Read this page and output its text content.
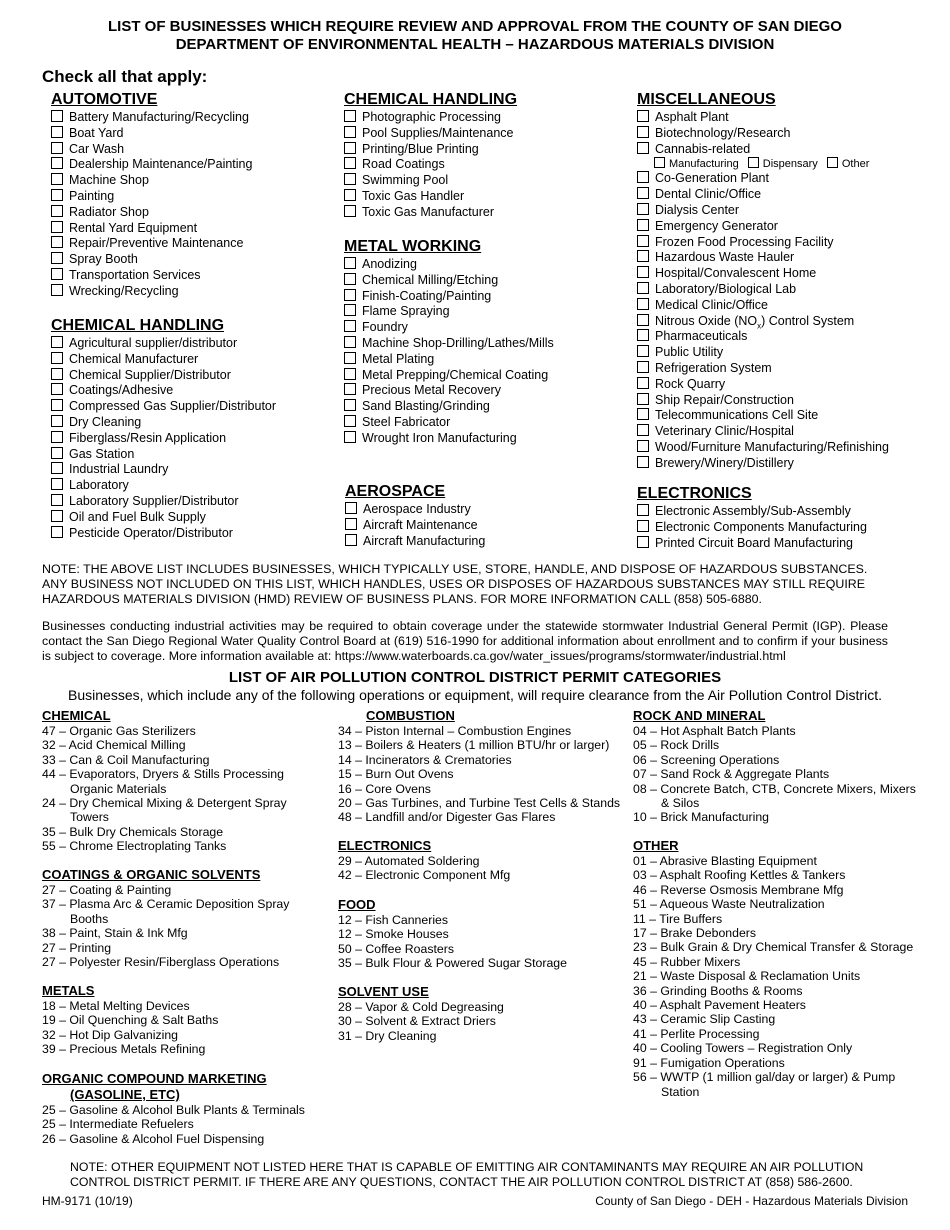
LIST OF BUSINESSES WHICH REQUIRE REVIEW AND APPROVAL FROM THE COUNTY OF SAN DIEGO
DEPARTMENT OF ENVIRONMENTAL HEALTH – HAZARDOUS MATERIALS DIVISION
Check all that apply:
AUTOMOTIVE
Battery Manufacturing/Recycling
Boat Yard
Car Wash
Dealership Maintenance/Painting
Machine Shop
Painting
Radiator Shop
Rental Yard Equipment
Repair/Preventive Maintenance
Spray Booth
Transportation Services
Wrecking/Recycling
CHEMICAL HANDLING
Agricultural supplier/distributor
Chemical Manufacturer
Chemical Supplier/Distributor
Coatings/Adhesive
Compressed Gas Supplier/Distributor
Dry Cleaning
Fiberglass/Resin Application
Gas Station
Industrial Laundry
Laboratory
Laboratory Supplier/Distributor
Oil and Fuel Bulk Supply
Pesticide Operator/Distributor
CHEMICAL HANDLING
Photographic Processing
Pool Supplies/Maintenance
Printing/Blue Printing
Road Coatings
Swimming Pool
Toxic Gas Handler
Toxic Gas Manufacturer
METAL WORKING
Anodizing
Chemical Milling/Etching
Finish-Coating/Painting
Flame Spraying
Foundry
Machine Shop-Drilling/Lathes/Mills
Metal Plating
Metal Prepping/Chemical Coating
Precious Metal Recovery
Sand Blasting/Grinding
Steel Fabricator
Wrought Iron Manufacturing
AEROSPACE
Aerospace Industry
Aircraft Maintenance
Aircraft Manufacturing
MISCELLANEOUS
Asphalt Plant
Biotechnology/Research
Cannabis-related
Manufacturing Dispensary Other
Co-Generation Plant
Dental Clinic/Office
Dialysis Center
Emergency Generator
Frozen Food Processing Facility
Hazardous Waste Hauler
Hospital/Convalescent Home
Laboratory/Biological Lab
Medical Clinic/Office
Nitrous Oxide $(NO_x)$ Control System
Pharmaceuticals
Public Utility
Refrigeration System
Rock Quarry
Ship Repair/Construction
Telecommunications Cell Site
Veterinary Clinic/Hospital
Wood/Furniture Manufacturing/Refinishing
Brewery/Winery/Distillery
ELECTRONICS
Electronic Assembly/Sub-Assembly
Electronic Components Manufacturing
Printed Circuit Board Manufacturing
NOTE: THE ABOVE LIST INCLUDES BUSINESSES, WHICH TYPICALLY USE, STORE, HANDLE, AND DISPOSE OF HAZARDOUS SUBSTANCES. ANY BUSINESS NOT INCLUDED ON THIS LIST, WHICH HANDLES, USES OR DISPOSES OF HAZARDOUS SUBSTANCES MAY STILL REQUIRE HAZARDOUS MATERIALS DIVISION (HMD) REVIEW OF BUSINESS PLANS. FOR MORE INFORMATION CALL (858) 505-6880.
Businesses conducting industrial activities may be required to obtain coverage under the statewide stormwater Industrial General Permit (IGP). Please contact the San Diego Regional Water Quality Control Board at (619) 516-1990 for additional information about enrollment and to confirm if your business is subject to coverage. More information available at: https://www.waterboards.ca.gov/water_issues/programs/stormwater/industrial.html
LIST OF AIR POLLUTION CONTROL DISTRICT PERMIT CATEGORIES
Businesses, which include any of the following operations or equipment, will require clearance from the Air Pollution Control District.
CHEMICAL
47 – Organic Gas Sterilizers
32 – Acid Chemical Milling
33 – Can & Coil Manufacturing
44 – Evaporators, Dryers & Stills Processing Organic Materials
24 – Dry Chemical Mixing & Detergent Spray Towers
35 – Bulk Dry Chemicals Storage
55 – Chrome Electroplating Tanks
COATINGS & ORGANIC SOLVENTS
27 – Coating & Painting
37 – Plasma Arc & Ceramic Deposition Spray Booths
38 – Paint, Stain & Ink Mfg
27 – Printing
27 – Polyester Resin/Fiberglass Operations
METALS
18 – Metal Melting Devices
19 – Oil Quenching & Salt Baths
32 – Hot Dip Galvanizing
39 – Precious Metals Refining
ORGANIC COMPOUND MARKETING
(GASOLINE, ETC)
25 – Gasoline & Alcohol Bulk Plants & Terminals
25 – Intermediate Refuelers
26 – Gasoline & Alcohol Fuel Dispensing
COMBUSTION
34 – Piston Internal – Combustion Engines
13 – Boilers & Heaters (1 million BTU/hr or larger)
14 – Incinerators & Crematories
15 – Burn Out Ovens
16 – Core Ovens
20 – Gas Turbines, and Turbine Test Cells & Stands
48 – Landfill and/or Digester Gas Flares
ELECTRONICS
29 – Automated Soldering
42 – Electronic Component Mfg
FOOD
12 – Fish Canneries
12 – Smoke Houses
50 – Coffee Roasters
35 – Bulk Flour & Powered Sugar Storage
SOLVENT USE
28 – Vapor & Cold Degreasing
30 – Solvent & Extract Driers
31 – Dry Cleaning
ROCK AND MINERAL
04 – Hot Asphalt Batch Plants
05 – Rock Drills
06 – Screening Operations
07 – Sand Rock & Aggregate Plants
08 – Concrete Batch, CTB, Concrete Mixers, Mixers & Silos
10 – Brick Manufacturing
OTHER
01 – Abrasive Blasting Equipment
03 – Asphalt Roofing Kettles & Tankers
46 – Reverse Osmosis Membrane Mfg
51 – Aqueous Waste Neutralization
11 – Tire Buffers
17 – Brake Debonders
23 – Bulk Grain & Dry Chemical Transfer & Storage
45 – Rubber Mixers
21 – Waste Disposal & Reclamation Units
36 – Grinding Booths & Rooms
40 – Asphalt Pavement Heaters
43 – Ceramic Slip Casting
41 – Perlite Processing
40 – Cooling Towers – Registration Only
91 – Fumigation Operations
56 – WWTP (1 million gal/day or larger) & Pump Station
NOTE: OTHER EQUIPMENT NOT LISTED HERE THAT IS CAPABLE OF EMITTING AIR CONTAMINANTS MAY REQUIRE AN AIR POLLUTION CONTROL DISTRICT PERMIT. IF THERE ARE ANY QUESTIONS, CONTACT THE AIR POLLUTION CONTROL DISTRICT AT (858) 586-2600.
HM-9171 (10/19)	County of San Diego - DEH - Hazardous Materials Division
